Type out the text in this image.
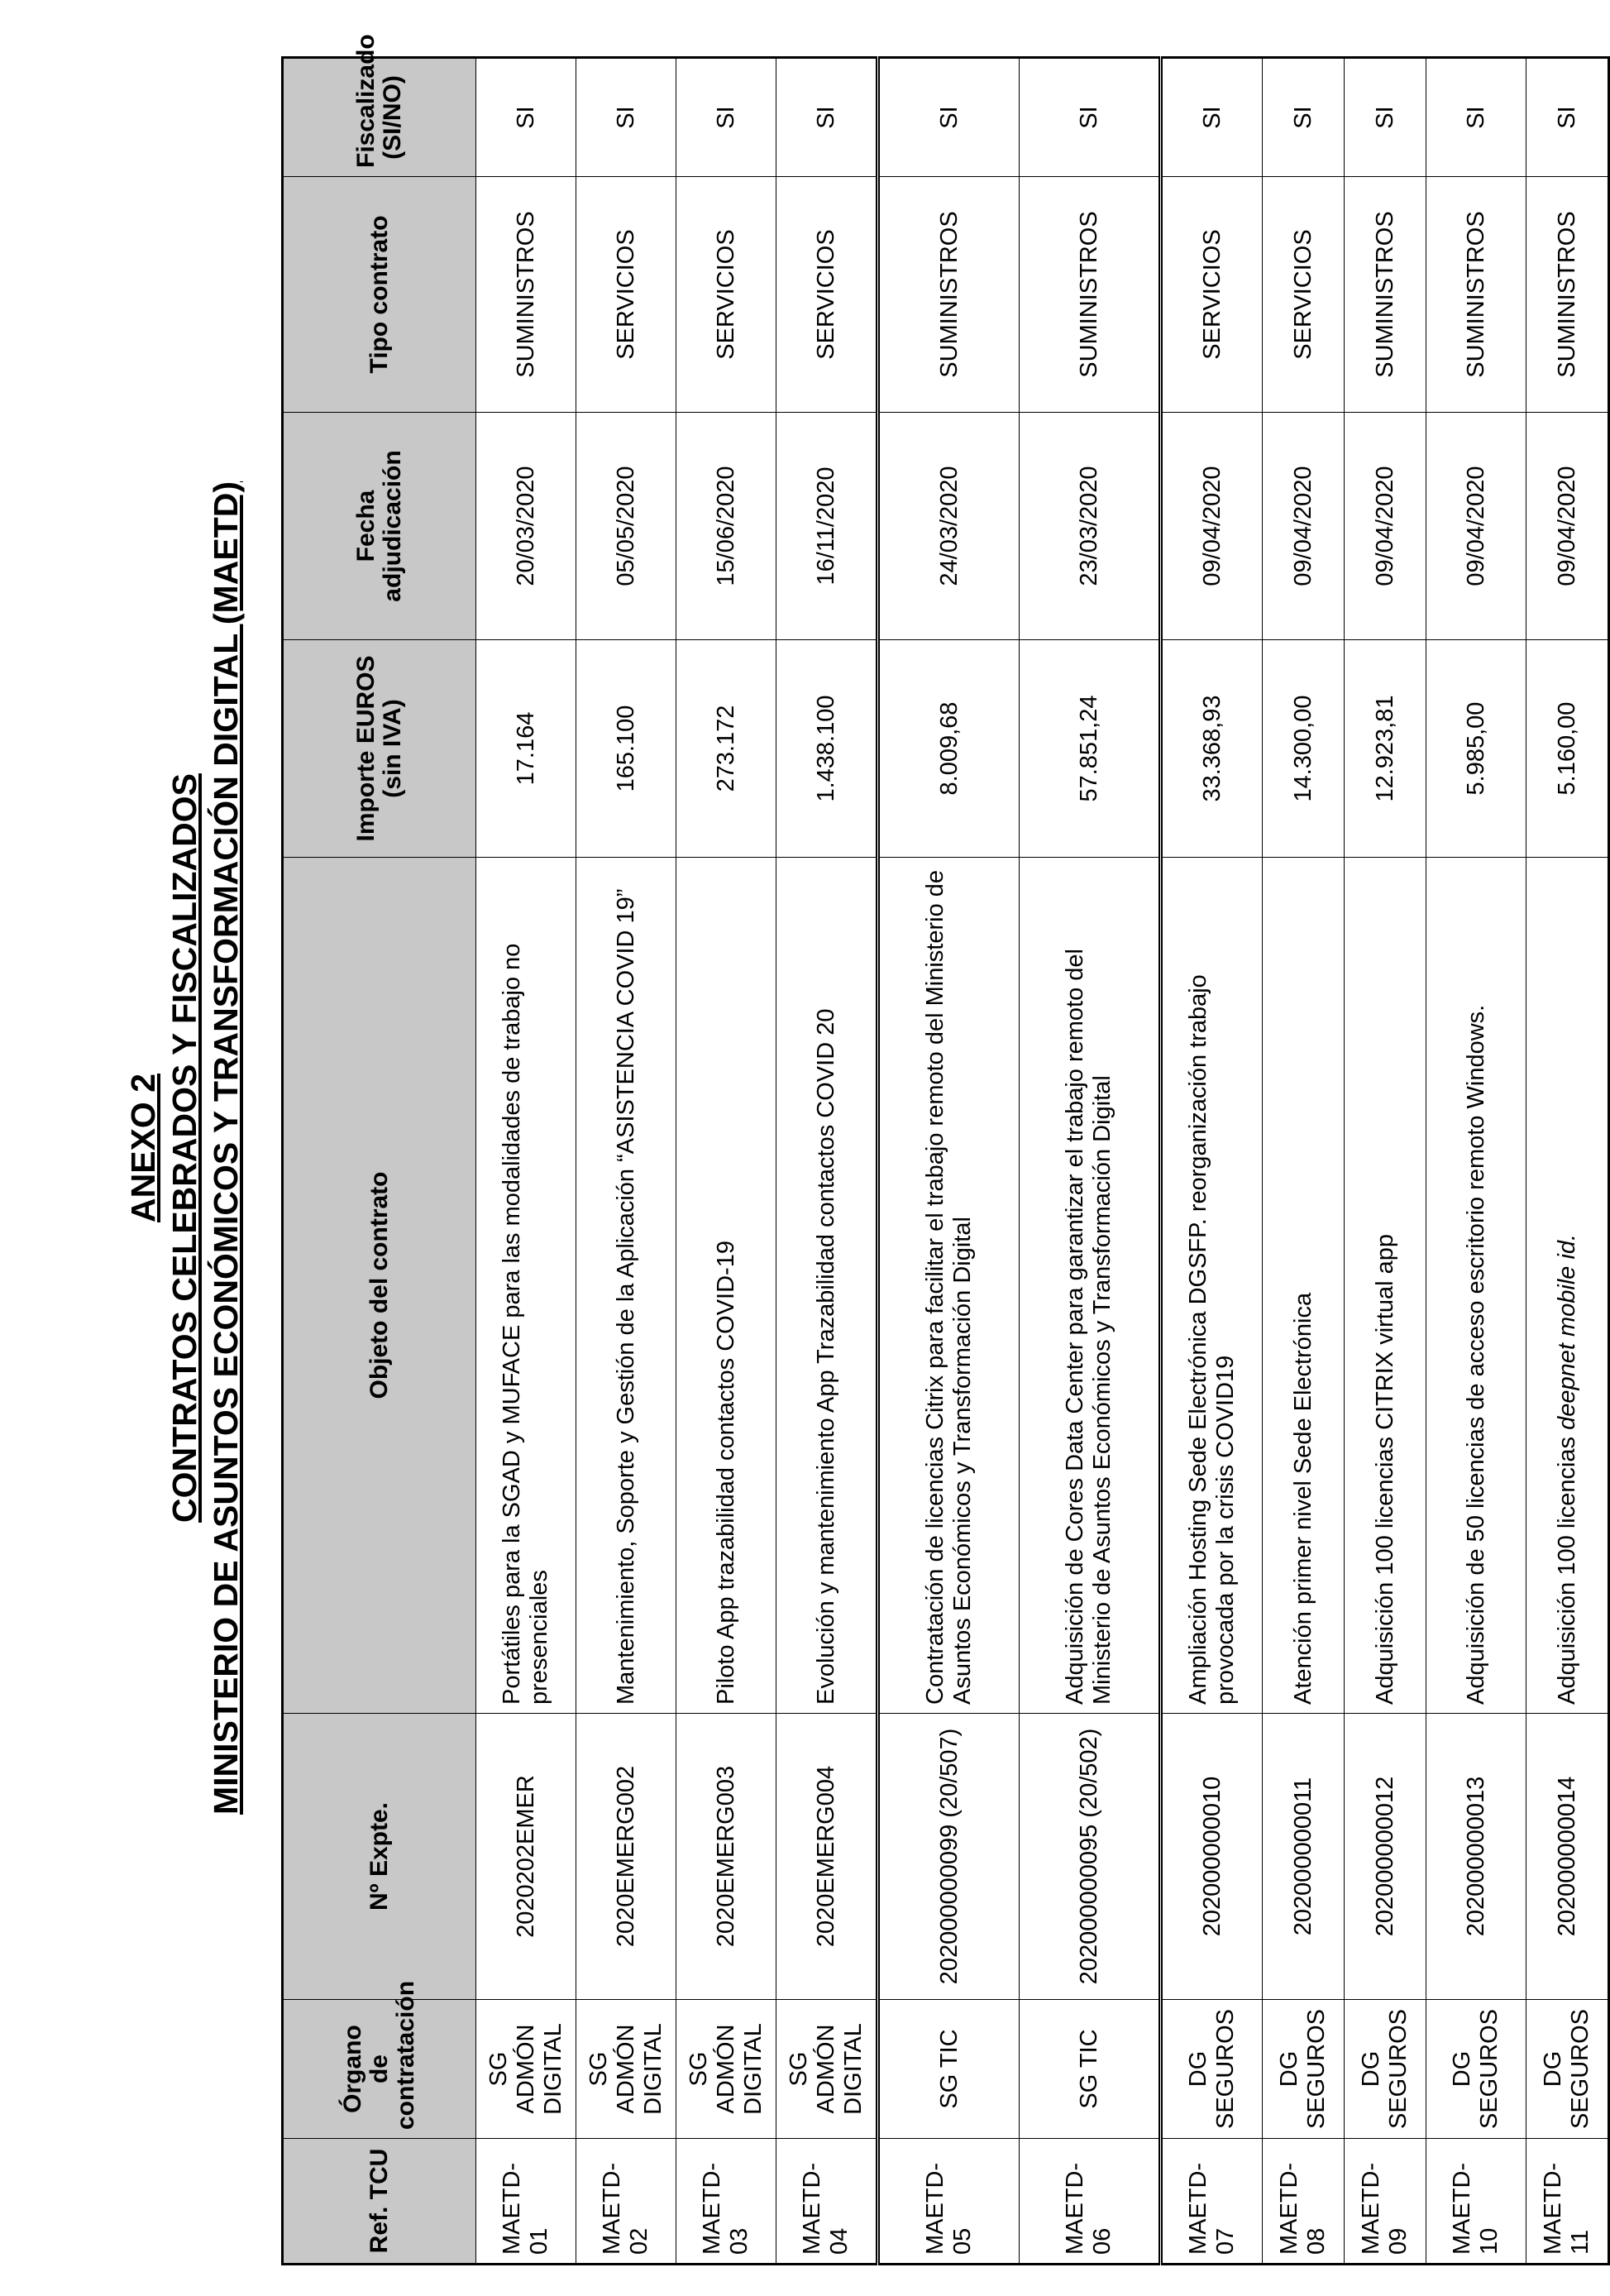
ANEXO 2 CONTRATOS CELEBRADOS Y FISCALIZADOS MINISTERIO DE ASUNTOS ECONÓMICOS Y TRANSFORMACIÓN DIGITAL (MAETD)
Ref. TCU	Órgano de contratación	Nº Expte.	Objeto del contrato	Importe EUROS (sin IVA)	Fecha adjudicación	Tipo contrato	Fiscalizado (SI/NO)
MAETD-01	SG ADMÓN DIGITAL	2020202EMER	Portátiles para la SGAD y MUFACE para las modalidades de trabajo no presenciales	17.164	20/03/2020	SUMINISTROS	SI
MAETD-02	SG ADMÓN DIGITAL	2020EMERG002	Mantenimiento, Soporte y Gestión de la Aplicación “ASISTENCIA COVID 19”	165.100	05/05/2020	SERVICIOS	SI
MAETD-03	SG ADMÓN DIGITAL	2020EMERG003	Piloto App trazabilidad contactos COVID-19	273.172	15/06/2020	SERVICIOS	SI
MAETD-04	SG ADMÓN DIGITAL	2020EMERG004	Evolución y mantenimiento App Trazabilidad contactos COVID 20	1.438.100	16/11/2020	SERVICIOS	SI
MAETD-05	SG TIC	202000000099 (20/507)	Contratación de licencias Citrix para facilitar el trabajo remoto del Ministerio de Asuntos Económicos y Transformación Digital	8.009,68	24/03/2020	SUMINISTROS	SI
MAETD-06	SG TIC	202000000095 (20/502)	Adquisición de Cores Data Center para garantizar el trabajo remoto del Ministerio de Asuntos Económicos y Transformación Digital	57.851,24	23/03/2020	SUMINISTROS	SI
MAETD-07	DG SEGUROS	202000000010	Ampliación Hosting Sede Electrónica DGSFP. reorganización trabajo provocada por la crisis COVID19	33.368,93	09/04/2020	SERVICIOS	SI
MAETD-08	DG SEGUROS	202000000011	Atención primer nivel Sede Electrónica	14.300,00	09/04/2020	SERVICIOS	SI
MAETD-09	DG SEGUROS	202000000012	Adquisición 100 licencias CITRIX virtual app	12.923,81	09/04/2020	SUMINISTROS	SI
MAETD-10	DG SEGUROS	202000000013	Adquisición de 50 licencias de acceso escritorio remoto Windows.	5.985,00	09/04/2020	SUMINISTROS	SI
MAETD-11	DG SEGUROS	202000000014	Adquisición 100 licencias deepnet mobile id.	5.160,00	09/04/2020	SUMINISTROS	SI
